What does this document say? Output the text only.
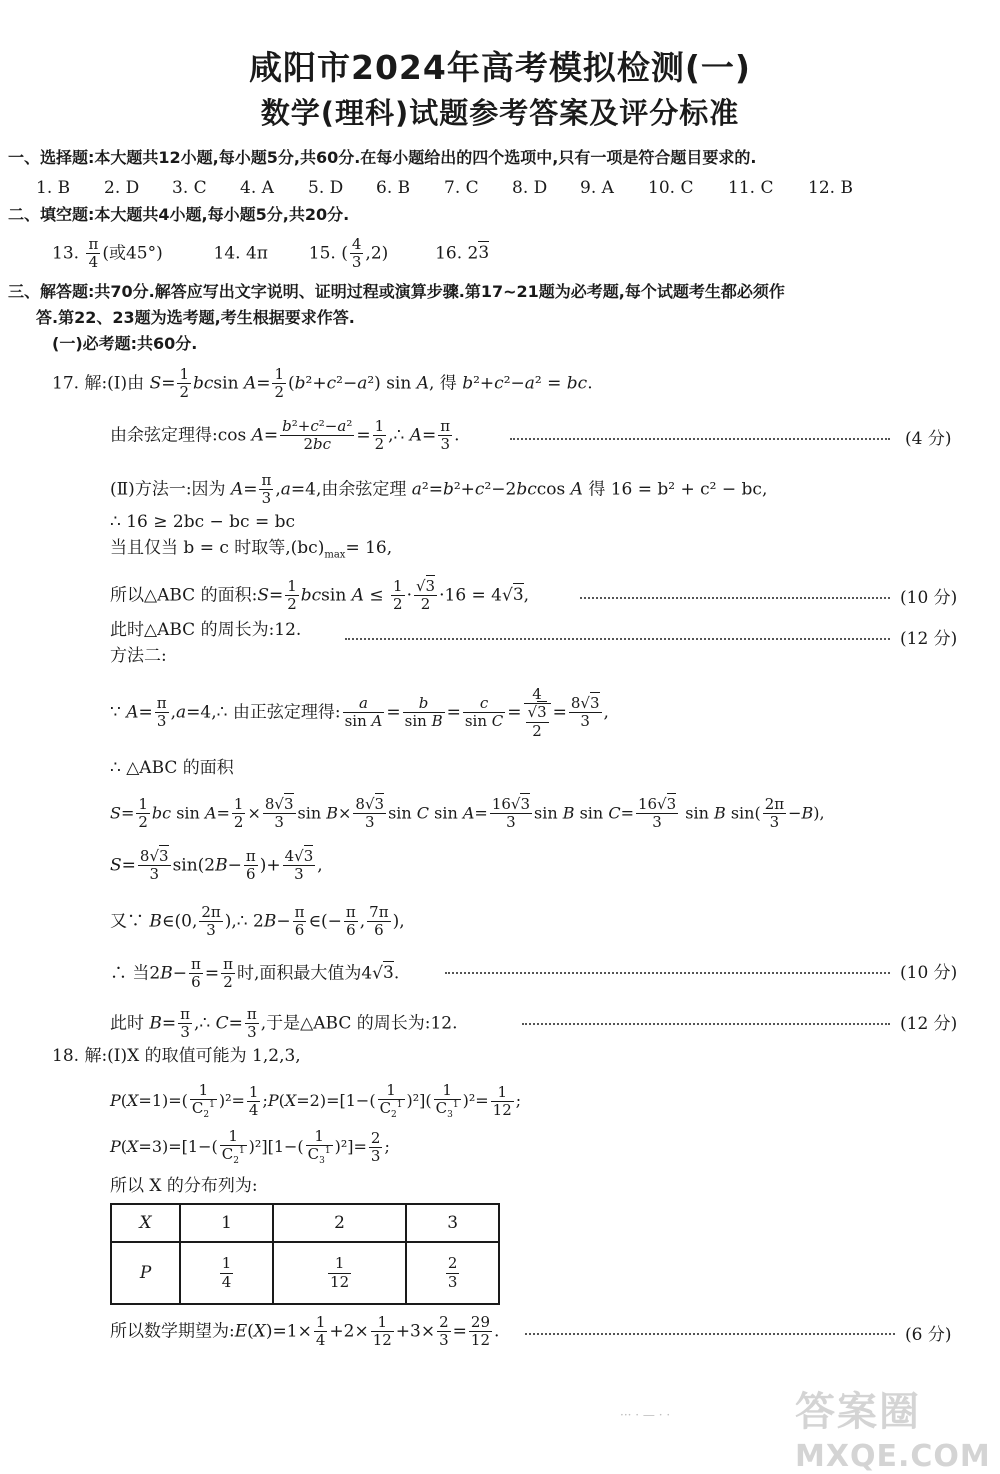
咸阳市2024年高考模拟检测(一)
数学(理科)试题参考答案及评分标准
一、选择题:本大题共12小题,每小题5分,共60分.在每小题给出的四个选项中,只有一项是符合题目要求的.
1. B 2. D 3. C 4. A 5. D 6. B 7. C 8. D 9. A 10. C 11. C 12. B
二、填空题:本大题共4小题,每小题5分,共20分.
13. $\frac{\pi}{4}$ (或45°)	14. 4π 15. ( $\frac{4}{3} ,2$)  16. 23
三、解答题:共70分.解答应写出文字说明、证明过程或演算步骤.第17~21题为必考题,每个试题考生都必须作
答.第22、23题为选考题,考生根据要求作答.
(一)必考题:共60分.
17. 解:(Ⅰ)由 $S= \frac{1}{2}$ bcsin $A= \frac{1}{2} (b^2+c^2-a^2)$ sin A, 得 b²+c²−a² = bc.
由余弦定理得:cos $A= \frac{\text{b²+c²−a²}}{2bc} = \frac{1}{2}$ ,∴ $A= \frac{\pi}{3}$ .	(4 分)
(Ⅱ)方法一:因为 $A= \frac{\pi}{3} ,a=4$,由余弦定理 a²=b²+c²−2bccos A 得 16 = b² + c² − bc,
∴ 16 ≥ 2bc − bc = bc
当且仅当 b = c 时取等$,(bc)_{max}= 16$,
所以△ABC 的面积:S= $\frac{1}{2}$ bcsin $A \le \frac{1}{2} \cdot \frac{√3}{2} \cdot 16 = 4√3$,	(10 分)
此时△ABC 的周长为:12.	(12 分)
方法二:
∵ $A= \frac{\pi}{3}$ ,a=4,∴ 由正弦定理得: $\frac{a}{\text{sin A}} = \frac{b}{\text{sin B}} = \frac{c}{\text{sin C}} = \frac{4}{\frac{√3}{2}} = \frac{8√3}{3}$ ,
∴ △ABC 的面积
$S= \frac{1}{2}$ bc $\sin A= \frac{1}{2} \times \frac{8√3}{3}$ $\sin B\times \frac{8√3}{3}$ sin C $\sin A= \frac{16√3}{3}$ sin B $\sin C= \frac{16√3}{3}$ sin B $\sin( \frac{2\pi}{3} -B)$,
$S= \frac{8√3}{3} \sin(2B- \frac{\pi}{6}$ )+ $\frac{4√3}{3}$ ,
又∵ B∈(0, $\frac{2\pi}{3}$ ),∴ $2B- \frac{\pi}{6}$ ∈(− $\frac{\pi}{6}$ , $\frac{7\pi}{6}$ ),
∴ 当$2B- \frac{\pi}{6} = \frac{\pi}{2}$ 时,面积最大值为4√3.	(10 分)
此时 $B= \frac{\pi}{3}$ ,∴ $C= \frac{\pi}{3}$ ,于是△ABC 的周长为:12.	(12 分)
18. 解:(Ⅰ)X 的取值可能为 1,2,3,
$P(X=1)=( \frac{1}{C_2^1} )^2= \frac{1}{4}$ ;P(X=2)=[1−( $\frac{1}{C_2^1} )^2]( \frac{1}{C_3^1} )^2= \frac{1}{12}$ ;
$P(X=3)=[1-( \frac{1}{C_2^1} )^2][1-( \frac{1}{C_3^1} )^2]= \frac{2}{3}$ ;
所以 X 的分布列为:
X	1	2	3
P	$\frac{1}{4}$	$\frac{1}{12}$	$\frac{2}{3}$
所以数学期望为:E(X)=1× $\frac{1}{4} +2\times \frac{1}{12} +3\times \frac{2}{3} = \frac{29}{12}$ .	(6 分)
··· · — · ·	答案圈
MXQE.COM
